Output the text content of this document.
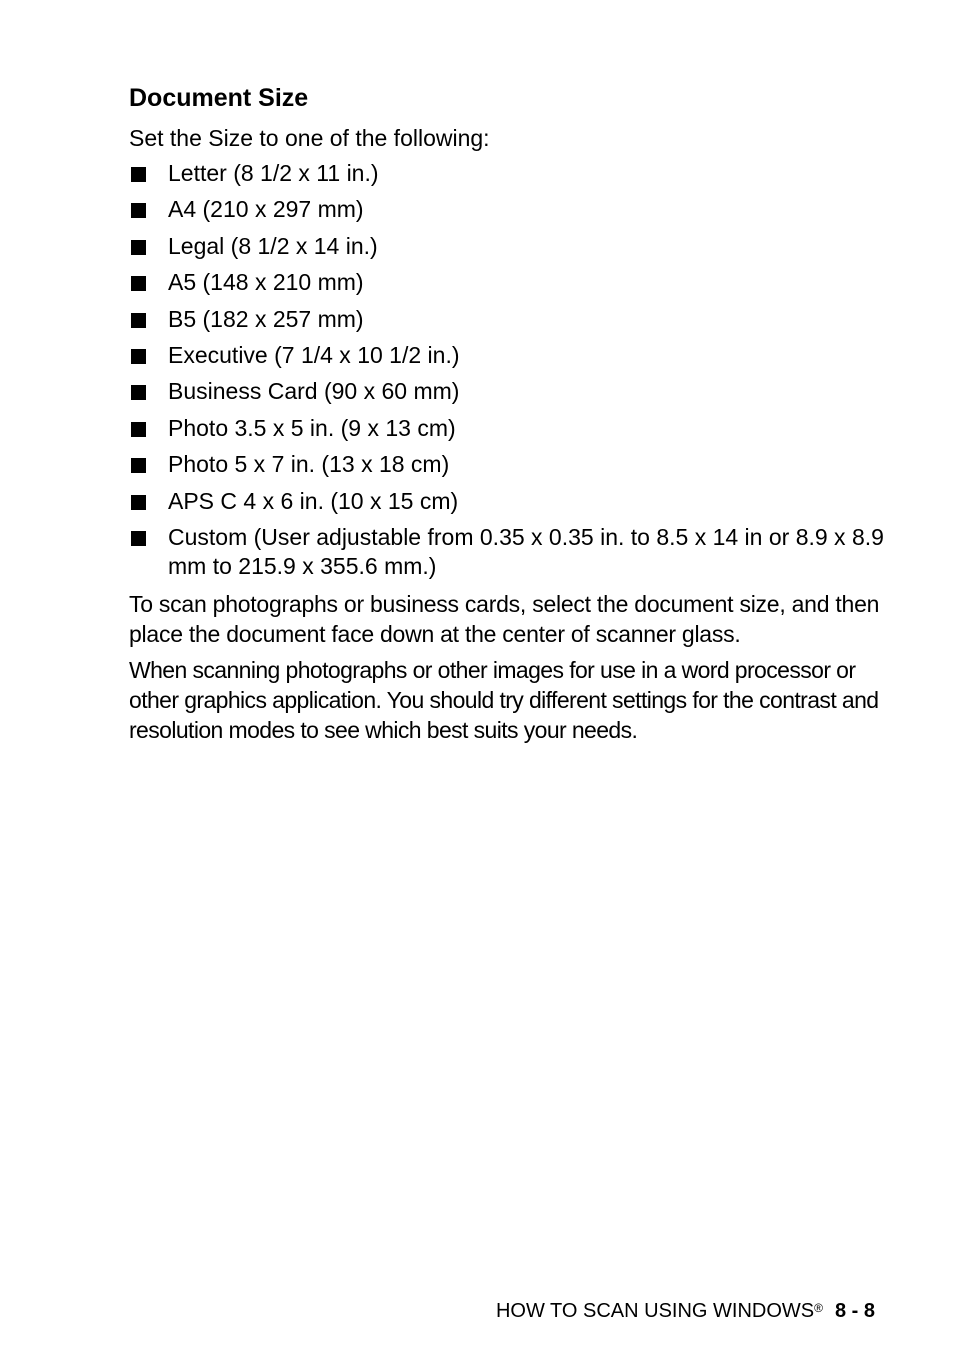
Document Size

Set the Size to one of the following:

Letter (8 1/2 x 11 in.)
A4 (210 x 297 mm)
Legal (8 1/2 x 14 in.)
A5 (148 x 210 mm)
B5 (182 x 257 mm)
Executive (7 1/4 x 10 1/2 in.)
Business Card (90 x 60 mm)
Photo 3.5 x 5 in. (9 x 13 cm)
Photo 5 x 7 in. (13 x 18 cm)
APS C 4 x 6 in. (10 x 15 cm)
Custom (User adjustable from 0.35 x 0.35 in. to 8.5 x 14 in or 8.9 x 8.9 mm to 215.9 x 355.6 mm.)

To scan photographs or business cards, select the document size, and then place the document face down at the center of scanner glass.

When scanning photographs or other images for use in a word processor or other graphics application. You should try different settings for the contrast and resolution modes to see which best suits your needs.

HOW TO SCAN USING WINDOWS® 8 - 8
